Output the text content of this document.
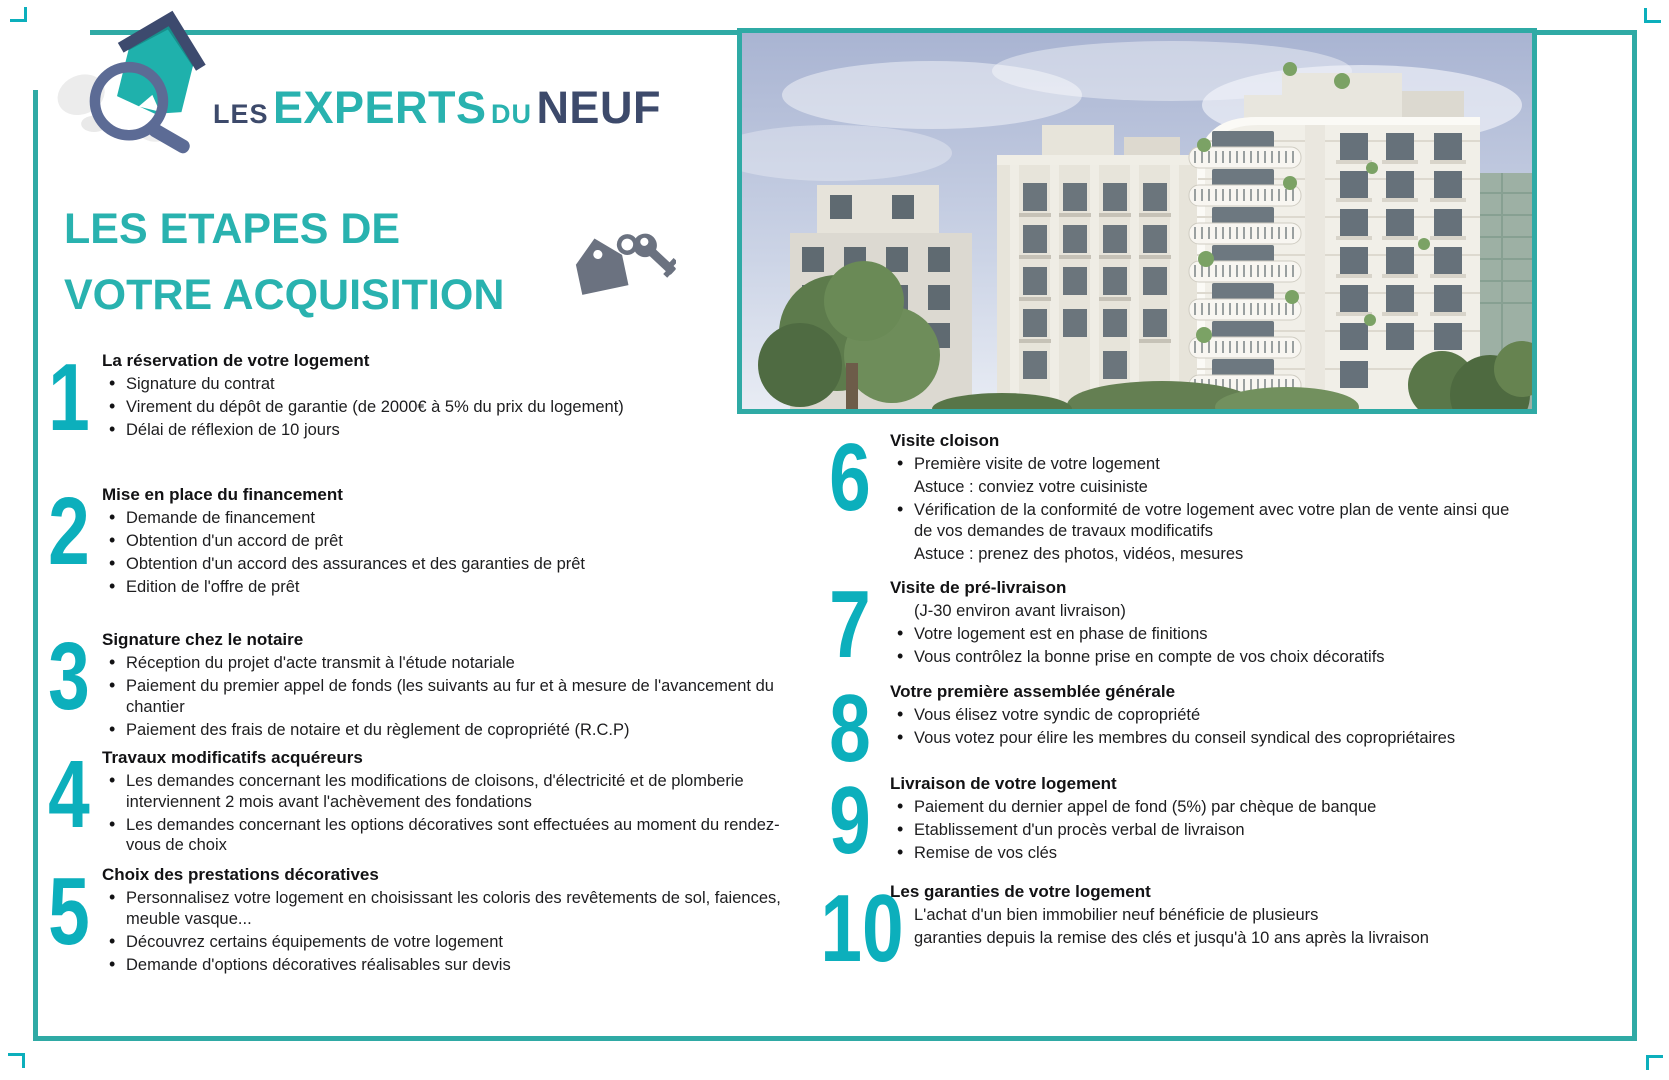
LES EXPERTS DU NEUF
LES ETAPES DE
VOTRE ACQUISITION
1 La réservation de votre logement
• Signature du contrat
• Virement du dépôt de garantie (de 2000€ à 5% du prix du logement)
• Délai de réflexion de 10 jours
2 Mise en place du financement
• Demande de financement
• Obtention d'un accord de prêt
• Obtention d'un accord des assurances et des garanties de prêt
• Edition de l'offre de prêt
3 Signature chez le notaire
• Réception du projet d'acte transmit à l'étude notariale
• Paiement du premier appel de fonds (les suivants au fur et à mesure de l'avancement du chantier
• Paiement des frais de notaire et du règlement de copropriété (R.C.P)
4 Travaux modificatifs acquéreurs
• Les demandes concernant les modifications de cloisons, d'électricité et de plomberie interviennent 2 mois avant l'achèvement des fondations
• Les demandes concernant les options décoratives sont effectuées au moment du rendez-vous de choix
5 Choix des prestations décoratives
• Personnalisez votre logement en choisissant les coloris des revêtements de sol, faiences, meuble vasque...
• Découvrez certains équipements de votre logement
• Demande d'options décoratives réalisables sur devis
6	Visite cloison
• Première visite de votre logement
Astuce : conviez votre cuisiniste
• Vérification de la conformité de votre logement avec votre plan de vente ainsi que de vos demandes de travaux modificatifs
Astuce : prenez des photos, vidéos, mesures
7	Visite de pré-livraison
(J-30 environ avant livraison)
• Votre logement est en phase de finitions
• Vous contrôlez la bonne prise en compte de vos choix décoratifs
8	Votre première assemblée générale
• Vous élisez votre syndic de copropriété
• Vous votez pour élire les membres du conseil syndical des copropriétaires
9	Livraison de votre logement
• Paiement du dernier appel de fond (5%) par chèque de banque
• Etablissement d'un procès verbal de livraison
• Remise de vos clés
10
Les garanties de votre logement
L'achat d'un bien immobilier neuf bénéficie de plusieurs
garanties depuis la remise des clés et jusqu'à 10 ans après la livraison
